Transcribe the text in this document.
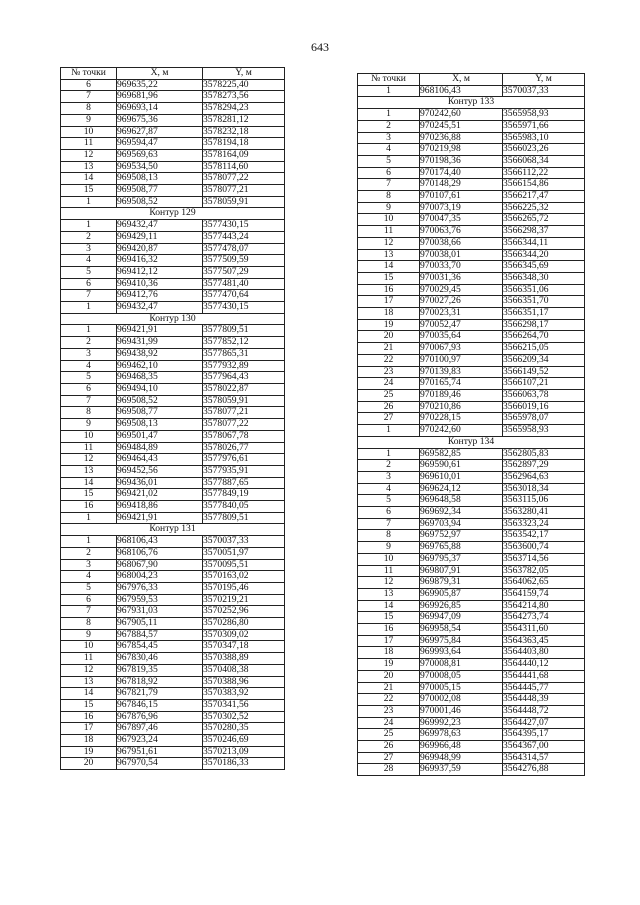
643
№ точки	X, м	Y, м
6	969635,22	3578225,40
7	969681,96	3578273,56
8	969693,14	3578294,23
9	969675,36	3578281,12
10	969627,87	3578232,18
11	969594,47	3578194,18
12	969569,63	3578164,09
13	969534,50	3578114,60
14	969508,13	3578077,22
15	969508,77	3578077,21
1	969508,52	3578059,91
Контур 129		
1	969432,47	3577430,15
2	969429,11	3577443,24
3	969420,87	3577478,07
4	969416,32	3577509,59
5	969412,12	3577507,29
6	969410,36	3577481,40
7	969412,76	3577470,64
1	969432,47	3577430,15
Контур 130		
1	969421,91	3577809,51
2	969431,99	3577852,12
3	969438,92	3577865,31
4	969462,10	3577932,89
5	969468,35	3577964,43
6	969494,10	3578022,87
7	969508,52	3578059,91
8	969508,77	3578077,21
9	969508,13	3578077,22
10	969501,47	3578067,78
11	969484,89	3578026,77
12	969464,43	3577976,61
13	969452,56	3577935,91
14	969436,01	3577887,65
15	969421,02	3577849,19
16	969418,86	3577840,05
1	969421,91	3577809,51
Контур 131		
1	968106,43	3570037,33
2	968106,76	3570051,97
3	968067,90	3570095,51
4	968004,23	3570163,02
5	967976,33	3570195,46
6	967959,53	3570219,21
7	967931,03	3570252,96
8	967905,11	3570286,80
9	967884,57	3570309,02
10	967854,45	3570347,18
11	967830,46	3570388,89
12	967819,35	3570408,38
13	967818,92	3570388,96
14	967821,79	3570383,92
15	967846,15	3570341,56
16	967876,96	3570302,52
17	967897,46	3570280,35
18	967923,24	3570246,69
19	967951,61	3570213,09
20	967970,54	3570186,33
№ точки	X, м	Y, м
1	968106,43	3570037,33
Контур 133		
1	970242,60	3565958,93
2	970245,51	3565971,66
3	970236,88	3565983,10
4	970219,98	3566023,26
5	970198,36	3566068,34
6	970174,40	3566112,22
7	970148,29	3566154,86
8	970107,61	3566217,47
9	970073,19	3566225,32
10	970047,35	3566265,72
11	970063,76	3566298,37
12	970038,66	3566344,11
13	970038,01	3566344,20
14	970033,70	3566345,69
15	970031,36	3566348,30
16	970029,45	3566351,06
17	970027,26	3566351,70
18	970023,31	3566351,17
19	970052,47	3566298,17
20	970035,64	3566264,70
21	970067,93	3566215,05
22	970100,97	3566209,34
23	970139,83	3566149,52
24	970165,74	3566107,21
25	970189,46	3566063,78
26	970210,86	3566019,16
27	970228,15	3565978,07
1	970242,60	3565958,93
Контур 134		
1	969582,85	3562805,83
2	969590,61	3562897,29
3	969610,01	3562964,63
4	969624,12	3563018,34
5	969648,58	3563115,06
6	969692,34	3563280,41
7	969703,94	3563323,24
8	969752,97	3563542,17
9	969765,88	3563600,74
10	969795,37	3563714,56
11	969807,91	3563782,05
12	969879,31	3564062,65
13	969905,87	3564159,74
14	969926,85	3564214,80
15	969947,09	3564273,74
16	969958,54	3564311,60
17	969975,84	3564363,45
18	969993,64	3564403,80
19	970008,81	3564440,12
20	970008,05	3564441,68
21	970005,15	3564445,77
22	970002,08	3564448,39
23	970001,46	3564448,72
24	969992,23	3564427,07
25	969978,63	3564395,17
26	969966,48	3564367,00
27	969948,99	3564314,57
28	969937,59	3564276,88
